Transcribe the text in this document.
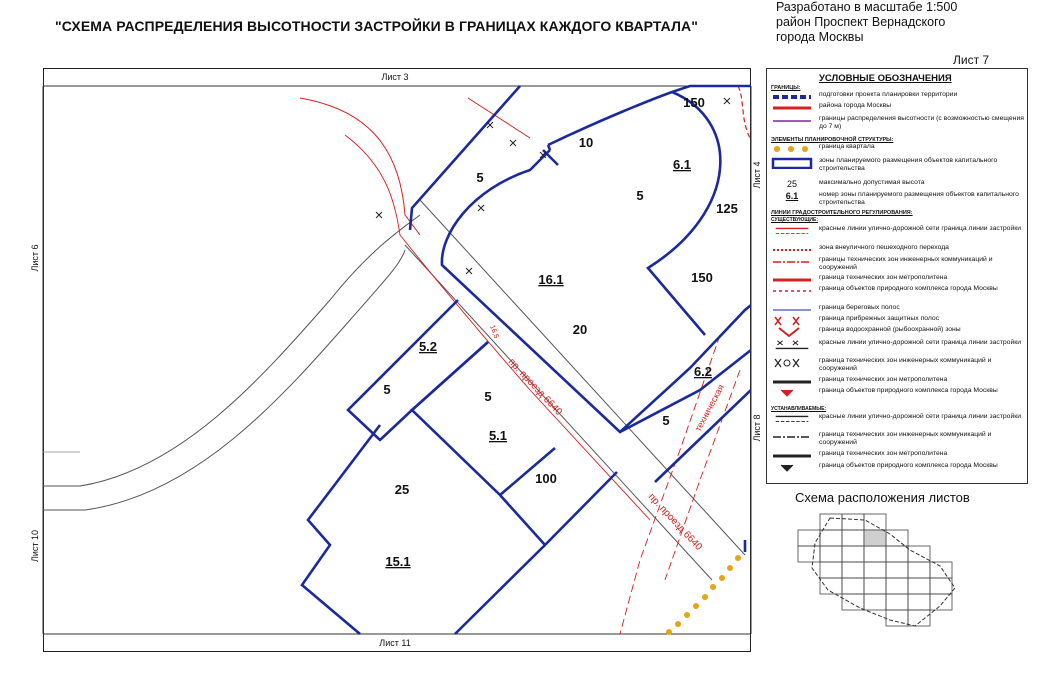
"СХЕМА РАСПРЕДЕЛЕНИЯ ВЫСОТНОСТИ ЗАСТРОЙКИ В ГРАНИЦАХ КАЖДОГО КВАРТАЛА"
Разработано в масштабе 1:500
район Проспект Вернадского
города Москвы
Лист 7
150
10
5
5
125
150
20
5	5
5
100
25
6.1
16.1
5.2
6.2
5.1
15.1
пр. проезд 6640
пр. проезд 6640
техническая
16,5
Лист 3
Лист 11
Лист 6
Лист 10
Лист 4
Лист 8
УСЛОВНЫЕ ОБОЗНАЧЕНИЯ
ГРАНИЦЫ:
подготовки проекта планировки территории
района города Москвы
границы распределения высотности (с возможностью смещения до 7 м)
ЭЛЕМЕНТЫ ПЛАНИРОВОЧНОЙ СТРУКТУРЫ:
граница квартала
зоны планируемого размещения объектов капитального строительства
25	максимально допустимая высота
6.1	номер зоны планируемого размещения объектов капитального строительства
ЛИНИИ ГРАДОСТРОИТЕЛЬНОГО РЕГУЛИРОВАНИЯ:
СУЩЕСТВУЮЩИЕ:
красные линии улично-дорожной сети граница линии застройки
зона внеуличного пешеходного перехода
границы технических зон инженерных коммуникаций и сооружений
граница технических зон метрополитена
граница объектов природного комплекса города Москвы
граница береговых полос
граница прибрежных защитных полос
граница водоохранной (рыбоохранной) зоны
красные линии улично-дорожной сети граница линии застройки
граница технических зон инженерных коммуникаций и сооружений
граница технических зон метрополитена
граница объектов природного комплекса города Москвы
УСТАНАВЛИВАЕМЫЕ:
красные линии улично-дорожной сети граница линии застройки
граница технических зон инженерных коммуникаций и сооружений
граница технических зон метрополитена
граница объектов природного комплекса города Москвы
Схема расположения листов
